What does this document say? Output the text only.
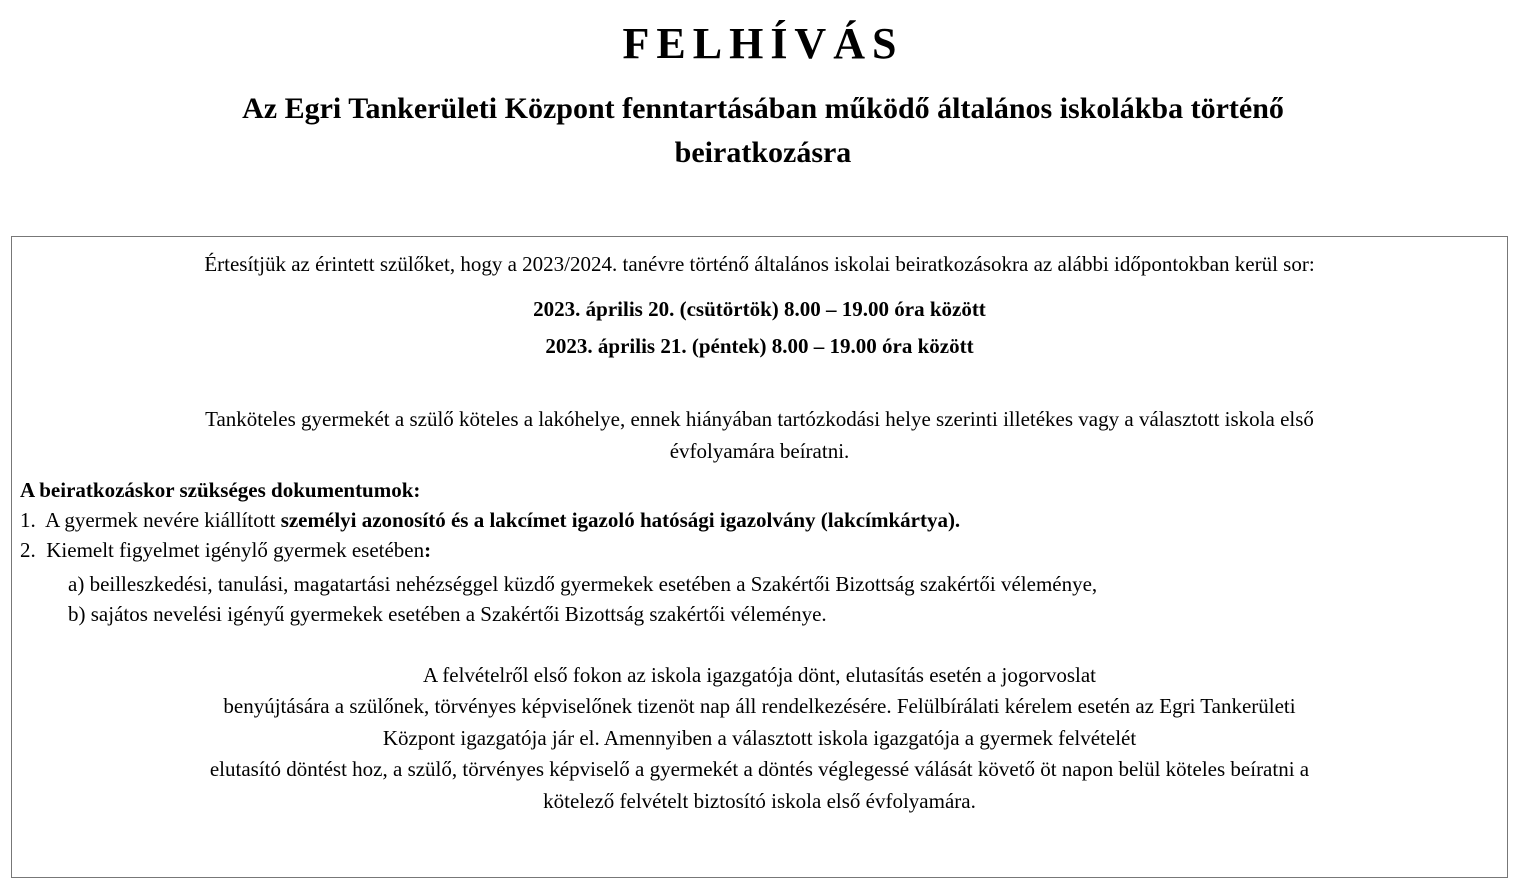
FELHÍVÁS
Az Egri Tankerületi Központ fenntartásában működő általános iskolákba történő
beiratkozásra
Értesítjük az érintett szülőket, hogy a 2023/2024. tanévre történő általános iskolai beiratkozásokra az alábbi időpontokban kerül sor:
2023. április 20. (csütörtök) 8.00 – 19.00 óra között
2023. április 21. (péntek) 8.00 – 19.00 óra között
Tanköteles gyermekét a szülő köteles a lakóhelye, ennek hiányában tartózkodási helye szerinti illetékes vagy a választott iskola első
évfolyamára beíratni.
A beiratkozáskor szükséges dokumentumok:
1.  A gyermek nevére kiállított személyi azonosító és a lakcímet igazoló hatósági igazolvány (lakcímkártya).
2.  Kiemelt figyelmet igénylő gyermek esetében:
a) beilleszkedési, tanulási, magatartási nehézséggel küzdő gyermekek esetében a Szakértői Bizottság szakértői véleménye,
b) sajátos nevelési igényű gyermekek esetében a Szakértői Bizottság szakértői véleménye.
A felvételről első fokon az iskola igazgatója dönt, elutasítás esetén a jogorvoslat
benyújtására a szülőnek, törvényes képviselőnek tizenöt nap áll rendelkezésére. Felülbírálati kérelem esetén az Egri Tankerületi
Központ igazgatója jár el. Amennyiben a választott iskola igazgatója a gyermek felvételét
elutasító döntést hoz, a szülő, törvényes képviselő a gyermekét a döntés véglegessé válását követő öt napon belül köteles beíratni a
kötelező felvételt biztosító iskola első évfolyamára.
